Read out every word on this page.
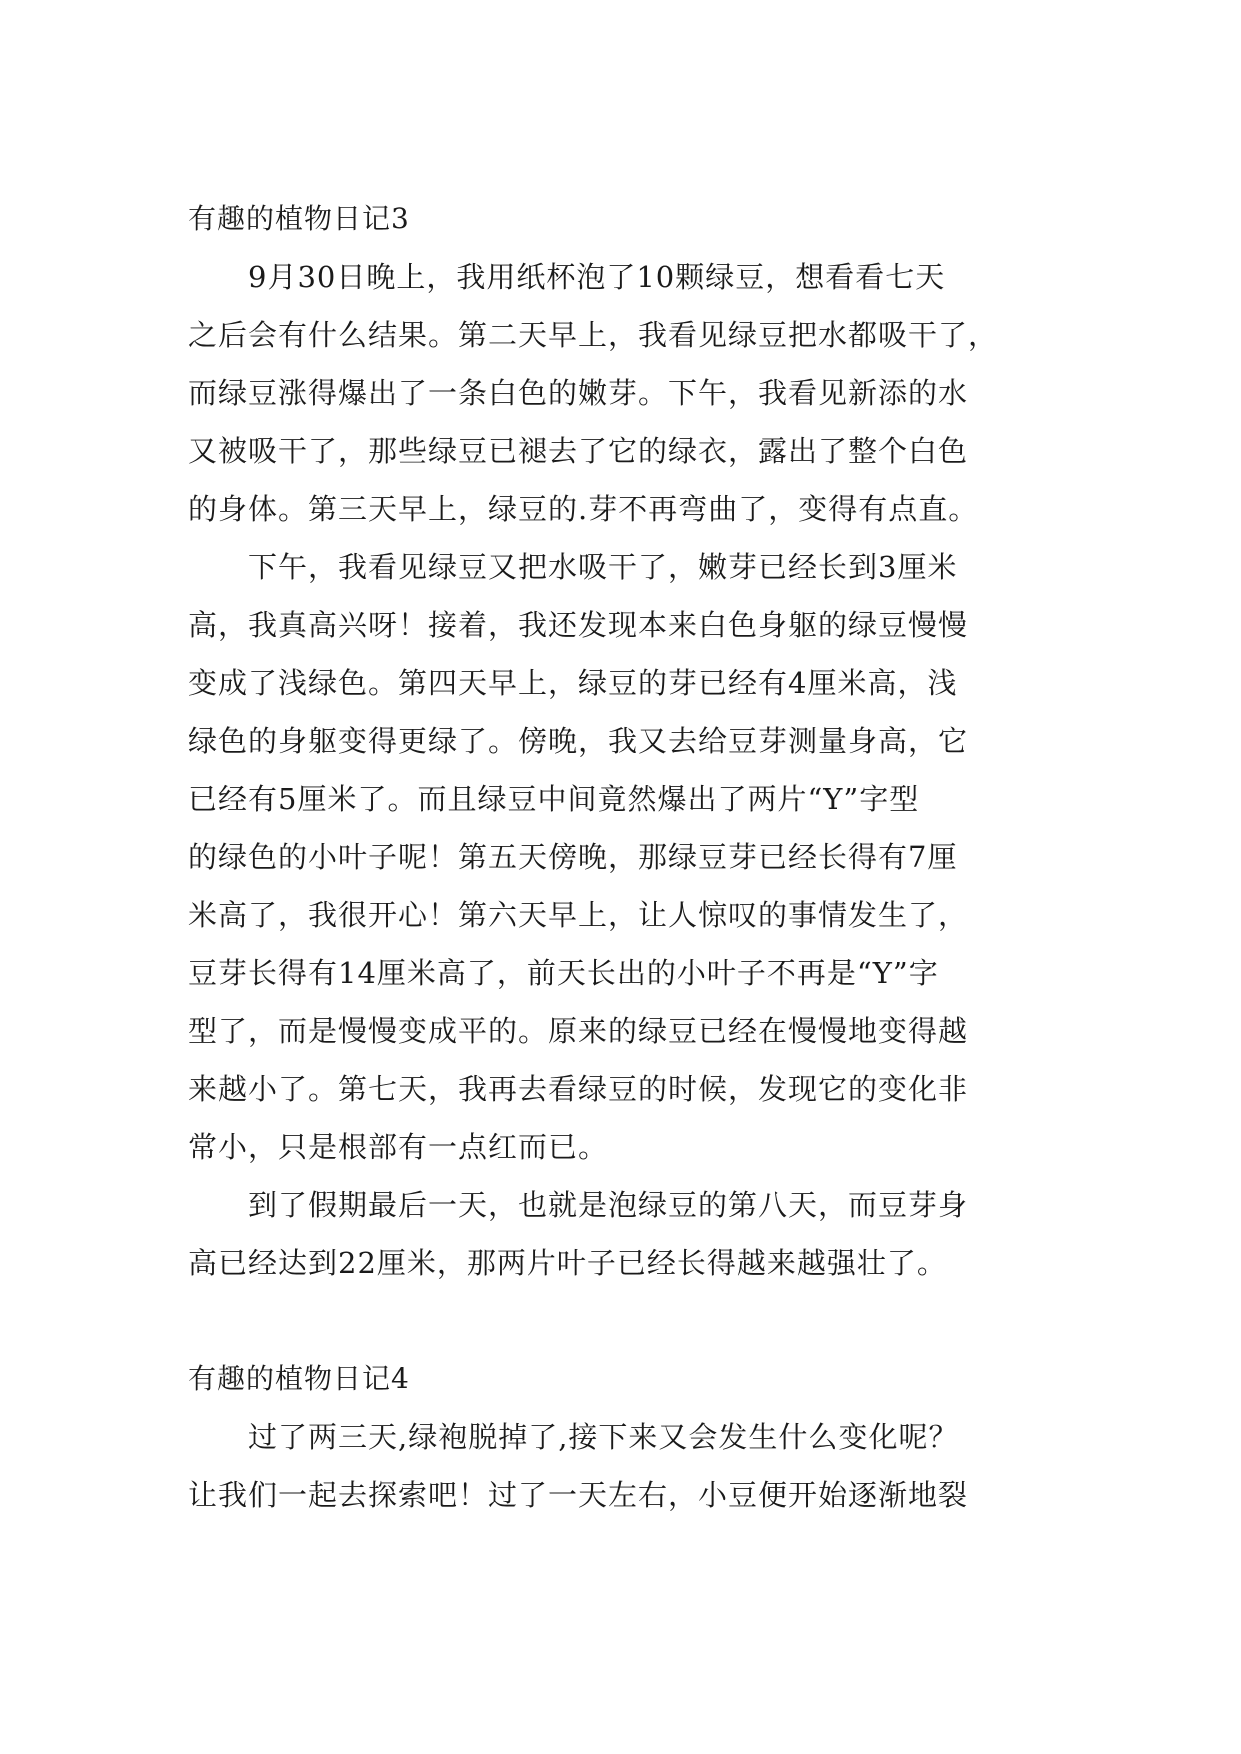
有趣的植物日记3
　　9月30日晚上，我用纸杯泡了10颗绿豆，想看看七天
之后会有什么结果。第二天早上，我看见绿豆把水都吸干了，
而绿豆涨得爆出了一条白色的嫩芽。下午，我看见新添的水
又被吸干了，那些绿豆已褪去了它的绿衣，露出了整个白色
的身体。第三天早上，绿豆的.芽不再弯曲了，变得有点直。
　　下午，我看见绿豆又把水吸干了，嫩芽已经长到3厘米
高，我真高兴呀！接着，我还发现本来白色身躯的绿豆慢慢
变成了浅绿色。第四天早上，绿豆的芽已经有4厘米高，浅
绿色的身躯变得更绿了。傍晚，我又去给豆芽测量身高，它
已经有5厘米了。而且绿豆中间竟然爆出了两片“Y”字型
的绿色的小叶子呢！第五天傍晚，那绿豆芽已经长得有7厘
米高了，我很开心！第六天早上，让人惊叹的事情发生了，
豆芽长得有14厘米高了，前天长出的小叶子不再是“Y”字
型了，而是慢慢变成平的。原来的绿豆已经在慢慢地变得越
来越小了。第七天，我再去看绿豆的时候，发现它的变化非
常小，只是根部有一点红而已。
　　到了假期最后一天，也就是泡绿豆的第八天，而豆芽身
高已经达到22厘米，那两片叶子已经长得越来越强壮了。
有趣的植物日记4
　　过了两三天,绿袍脱掉了,接下来又会发生什么变化呢？
让我们一起去探索吧！过了一天左右，小豆便开始逐渐地裂
